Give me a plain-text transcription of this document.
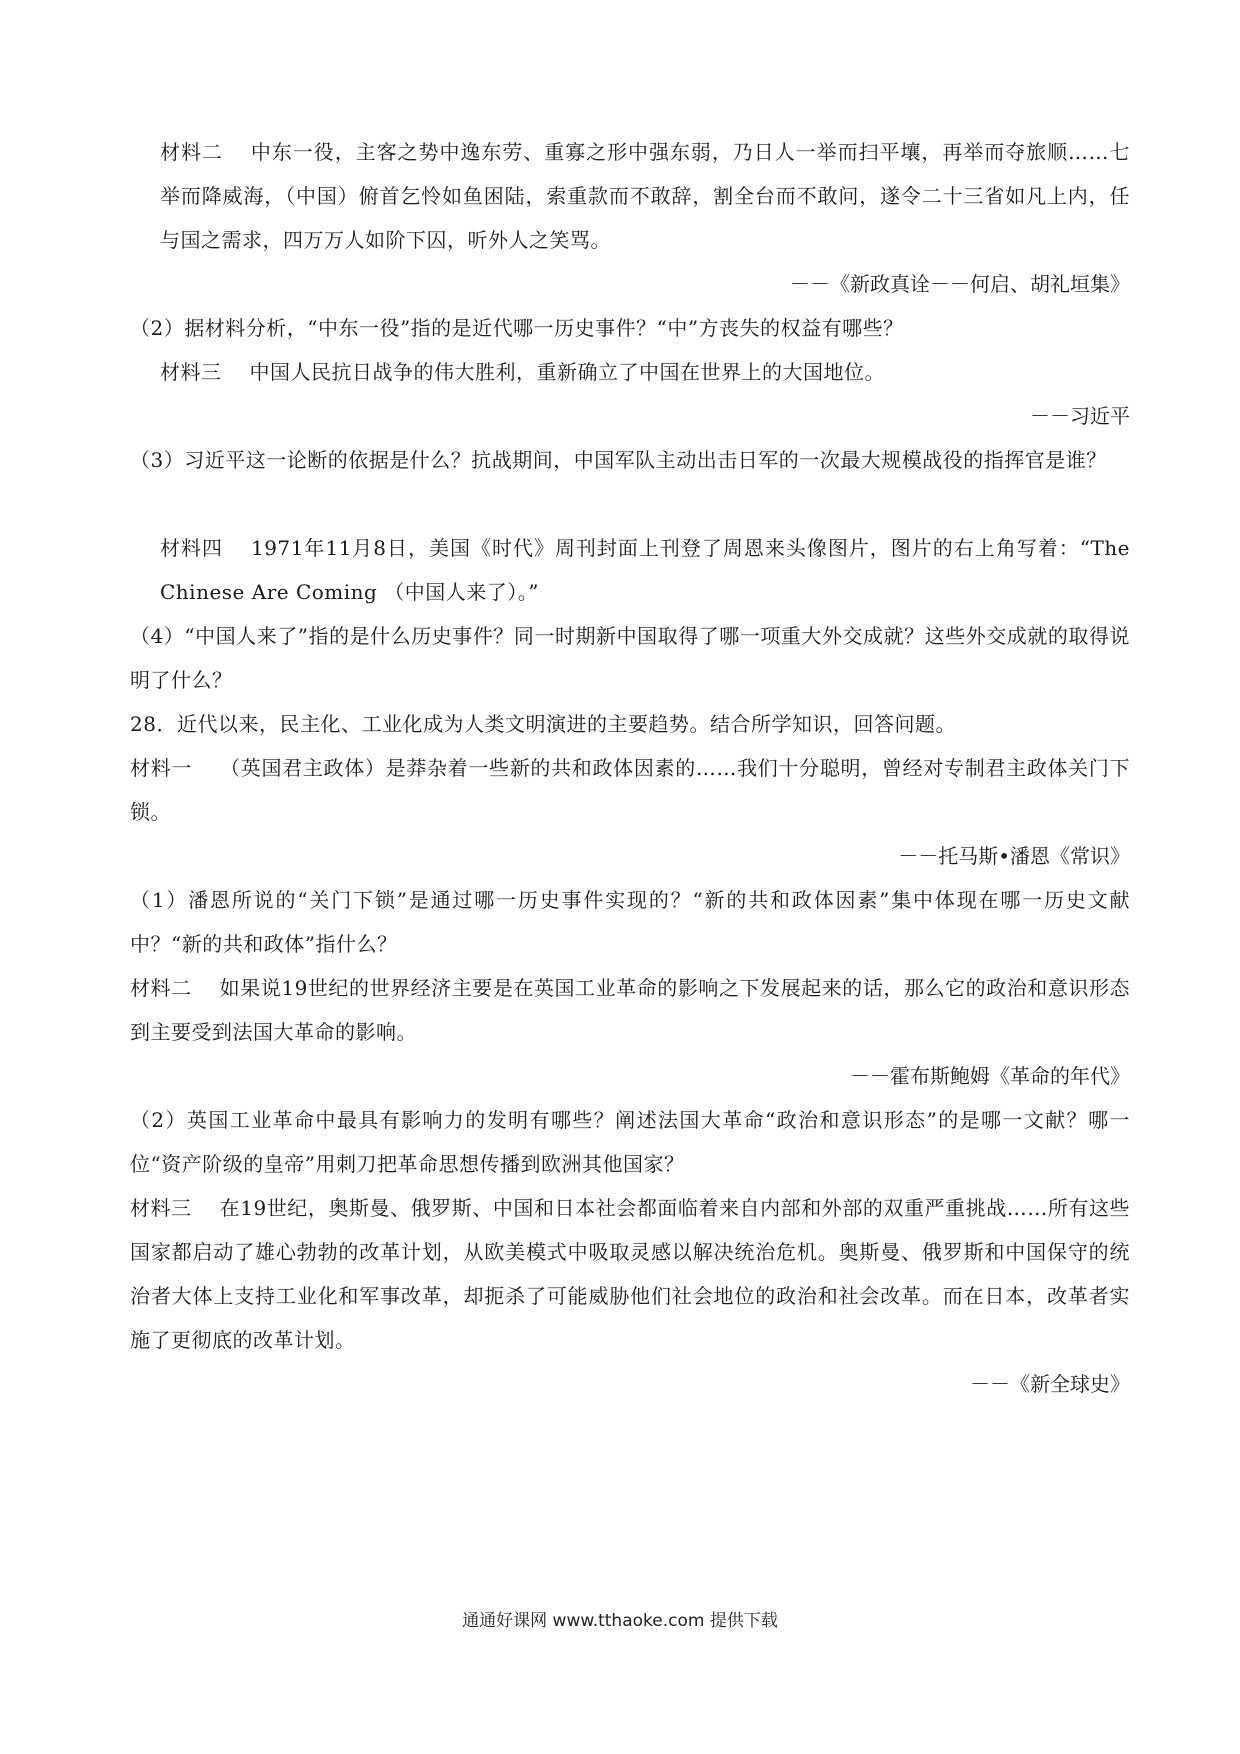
材料二 中东一役，主客之势中逸东劳、重寡之形中强东弱，乃日人一举而扫平壤，再举而夺旅顺……七举而降威海，（中国）俯首乞怜如鱼困陆，索重款而不敢辞，割全台而不敢问，遂令二十三省如凡上内，任与国之需求，四万万人如阶下囚，听外人之笑骂。

－－《新政真诠－－何启、胡礼垣集》

（2）据材料分析，“中东一役”指的是近代哪一历史事件？“中”方丧失的权益有哪些？

材料三 中国人民抗日战争的伟大胜利，重新确立了中国在世界上的大国地位。

－－习近平

（3）习近平这一论断的依据是什么？抗战期间，中国军队主动出击日军的一次最大规模战役的指挥官是谁？

材料四 1971年11月8日，美国《时代》周刊封面上刊登了周恩来头像图片，图片的右上角写着：“The Chinese Are Coming （中国人来了）。”

（4）“中国人来了”指的是什么历史事件？同一时期新中国取得了哪一项重大外交成就？这些外交成就的取得说明了什么？

28．近代以来，民主化、工业化成为人类文明演进的主要趋势。结合所学知识，回答问题。

材料一 （英国君主政体）是莽杂着一些新的共和政体因素的……我们十分聪明，曾经对专制君主政体关门下锁。

－－托马斯•潘恩《常识》

（1）潘恩所说的“关门下锁”是通过哪一历史事件实现的？“新的共和政体因素”集中体现在哪一历史文献中？“新的共和政体”指什么？

材料二 如果说19世纪的世界经济主要是在英国工业革命的影响之下发展起来的话，那么它的政治和意识形态到主要受到法国大革命的影响。

－－霍布斯鲍姆《革命的年代》

（2）英国工业革命中最具有影响力的发明有哪些？阐述法国大革命“政治和意识形态”的是哪一文献？哪一位“资产阶级的皇帝”用刺刀把革命思想传播到欧洲其他国家？

材料三 在19世纪，奥斯曼、俄罗斯、中国和日本社会都面临着来自内部和外部的双重严重挑战……所有这些国家都启动了雄心勃勃的改革计划，从欧美模式中吸取灵感以解决统治危机。奥斯曼、俄罗斯和中国保守的统治者大体上支持工业化和军事改革，却扼杀了可能威胁他们社会地位的政治和社会改革。而在日本，改革者实施了更彻底的改革计划。

－－《新全球史》

通通好课网 www.tthaoke.com 提供下载
